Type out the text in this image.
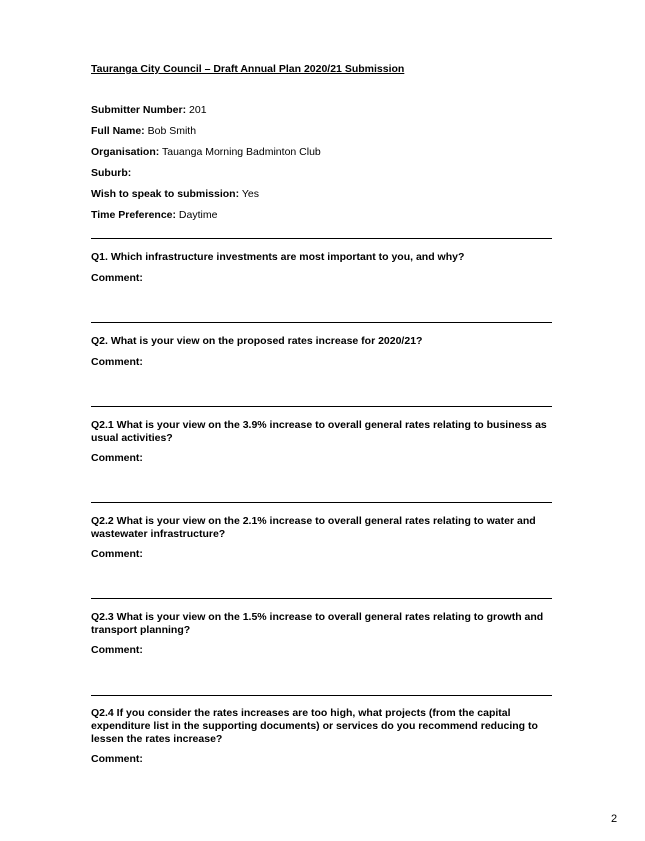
Tauranga City Council – Draft Annual Plan 2020/21 Submission
Submitter Number: 201
Full Name: Bob Smith
Organisation: Tauanga Morning Badminton Club
Suburb:
Wish to speak to submission: Yes
Time Preference: Daytime
Q1. Which infrastructure investments are most important to you, and why?
Comment:
Q2. What is your view on the proposed rates increase for 2020/21?
Comment:
Q2.1 What is your view on the 3.9% increase to overall general rates relating to business as usual activities?
Comment:
Q2.2 What is your view on the 2.1% increase to overall general rates relating to water and wastewater infrastructure?
Comment:
Q2.3 What is your view on the 1.5% increase to overall general rates relating to growth and transport planning?
Comment:
Q2.4 If you consider the rates increases are too high, what projects (from the capital expenditure list in the supporting documents) or services do you recommend reducing to lessen the rates increase?
Comment:
2
